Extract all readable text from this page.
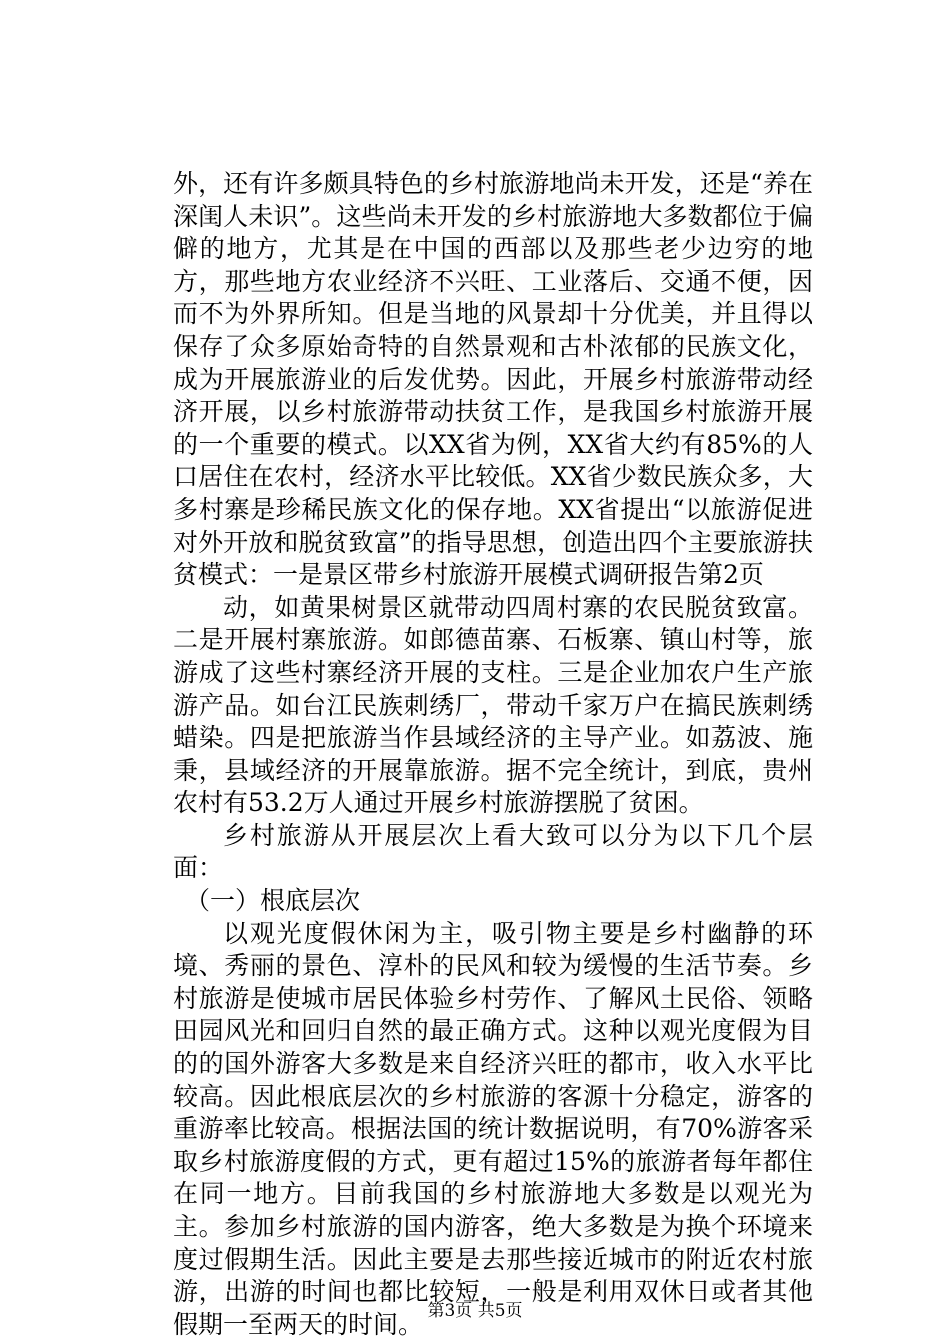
外，还有许多颇具特色的乡村旅游地尚未开发，还是“养在深闺人未识”。这些尚未开发的乡村旅游地大多数都位于偏僻的地方，尤其是在中国的西部以及那些老少边穷的地方，那些地方农业经济不兴旺、工业落后、交通不便，因而不为外界所知。但是当地的风景却十分优美，并且得以保存了众多原始奇特的自然景观和古朴浓郁的民族文化，成为开展旅游业的后发优势。因此，开展乡村旅游带动经济开展，以乡村旅游带动扶贫工作，是我国乡村旅游开展的一个重要的模式。以XX省为例，XX省大约有85%的人口居住在农村，经济水平比较低。XX省少数民族众多，大多村寨是珍稀民族文化的保存地。XX省提出“以旅游促进对外开放和脱贫致富”的指导思想，创造出四个主要旅游扶贫模式：一是景区带乡村旅游开展模式调研报告第2页

动，如黄果树景区就带动四周村寨的农民脱贫致富。二是开展村寨旅游。如郎德苗寨、石板寨、镇山村等，旅游成了这些村寨经济开展的支柱。三是企业加农户生产旅游产品。如台江民族刺绣厂，带动千家万户在搞民族刺绣蜡染。四是把旅游当作县域经济的主导产业。如荔波、施秉，县域经济的开展靠旅游。据不完全统计，到底，贵州农村有53.2万人通过开展乡村旅游摆脱了贫困。

乡村旅游从开展层次上看大致可以分为以下几个层面：

（一）根底层次

以观光度假休闲为主，吸引物主要是乡村幽静的环境、秀丽的景色、淳朴的民风和较为缓慢的生活节奏。乡村旅游是使城市居民体验乡村劳作、了解风土民俗、领略田园风光和回归自然的最正确方式。这种以观光度假为目的的国外游客大多数是来自经济兴旺的都市，收入水平比较高。因此根底层次的乡村旅游的客源十分稳定，游客的重游率比较高。根据法国的统计数据说明，有70%游客采取乡村旅游度假的方式，更有超过15%的旅游者每年都住在同一地方。目前我国的乡村旅游地大多数是以观光为主。参加乡村旅游的国内游客，绝大多数是为换个环境来度过假期生活。因此主要是去那些接近城市的附近农村旅游，出游的时间也都比较短，一般是利用双休日或者其他假期一至两天的时间。 第3页 共5页
